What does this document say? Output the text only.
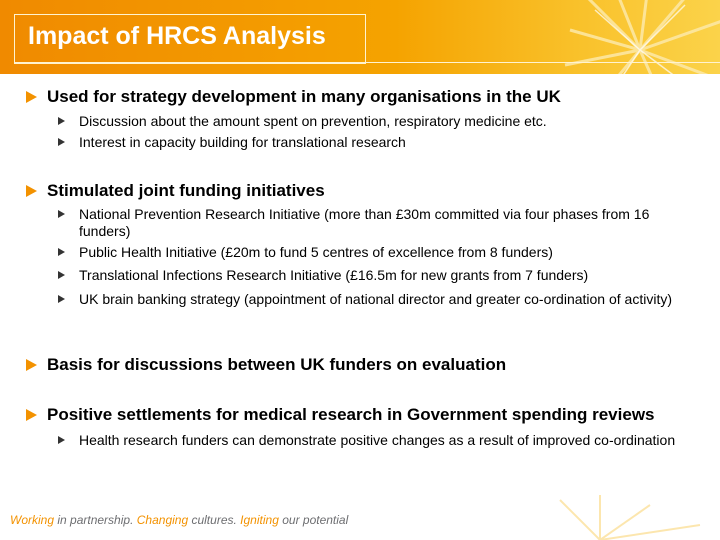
Impact of HRCS Analysis
Used for strategy development in many organisations in the UK
Discussion about the amount spent on prevention, respiratory medicine etc.
Interest in capacity building for translational research
Stimulated joint funding initiatives
National Prevention Research Initiative (more than £30m committed via four phases from 16 funders)
Public Health Initiative (£20m to fund 5 centres of excellence from 8 funders)
Translational Infections Research Initiative (£16.5m for new grants from 7 funders)
UK brain banking strategy (appointment of national director and greater co-ordination of activity)
Basis for discussions between UK funders on evaluation
Positive settlements for medical research in Government spending reviews
Health research funders can demonstrate positive changes as a result of improved co-ordination
Working in partnership. Changing cultures. Igniting our potential
